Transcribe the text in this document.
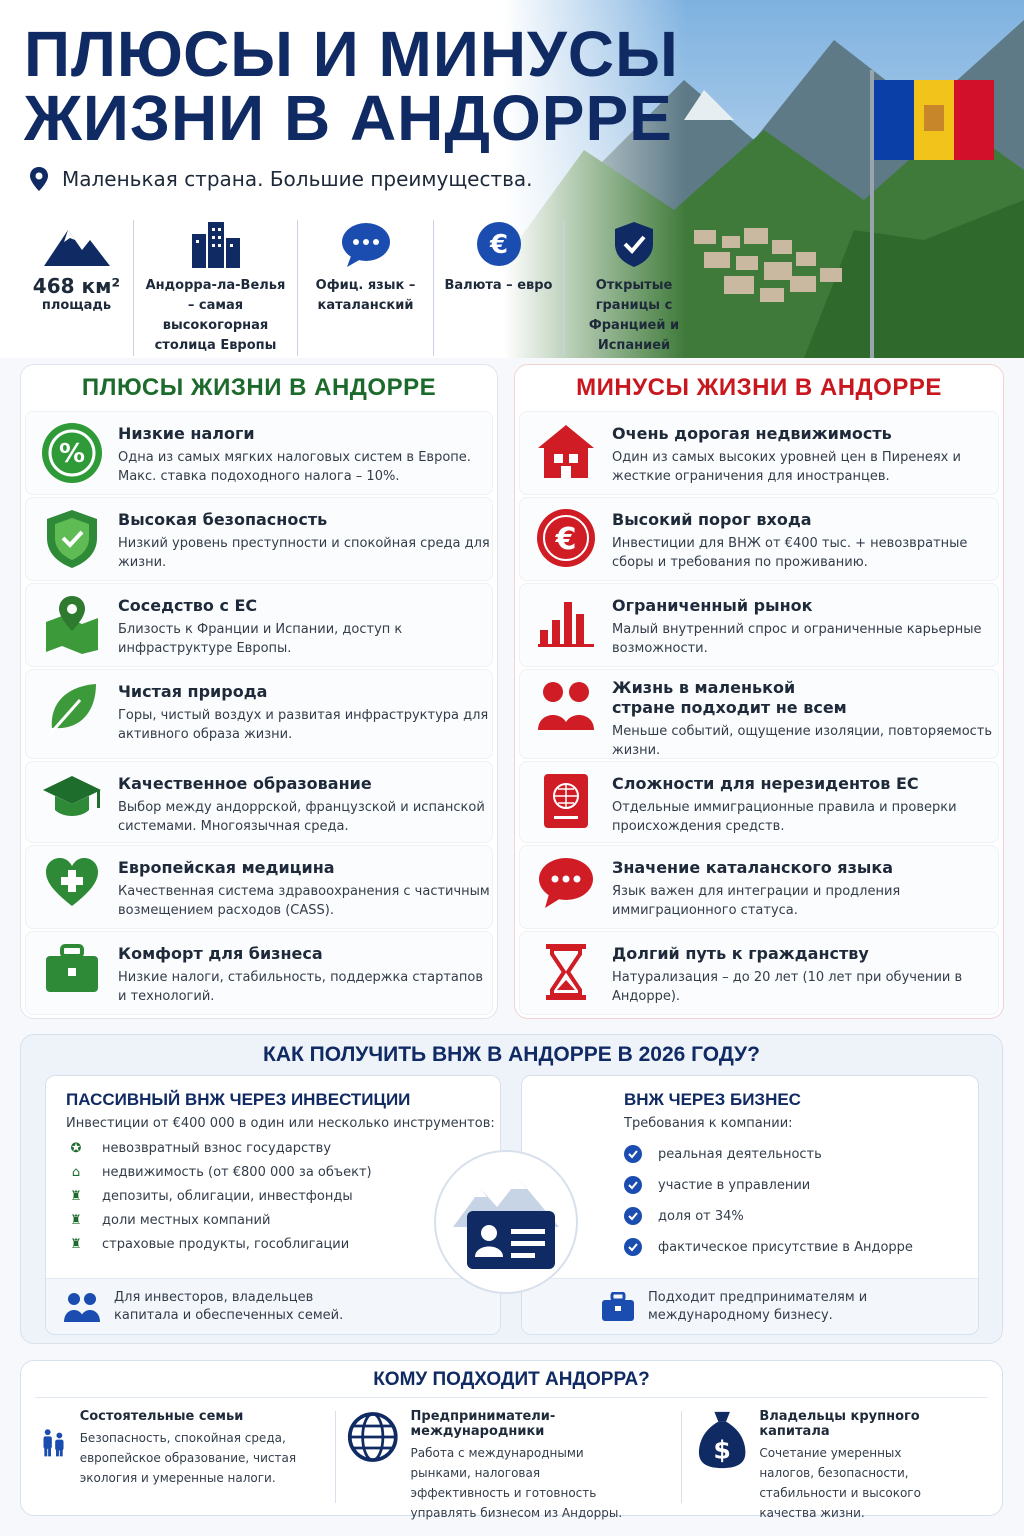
ПЛЮСЫ И МИНУСЫ
ЖИЗНИ В АНДОРРЕ
Маленькая страна. Большие преимущества.
468 км²
площадь
Андорра-ла-Велья – самая высокогорная столица Европы
Офиц. язык – каталанский
€
Валюта – евро	Открытые границы с Францией и Испанией
ПЛЮСЫ ЖИЗНИ В АНДОРРЕ
%
Низкие налоги
Одна из самых мягких налоговых систем в Европе. Макс. ставка подоходного налога – 10%.
Высокая безопасность
Низкий уровень преступности и спокойная среда для жизни.
Соседство с ЕС
Близость к Франции и Испании, доступ к инфраструктуре Европы.
Чистая природа
Горы, чистый воздух и развитая инфраструктура для активного образа жизни.
Качественное образование
Выбор между андоррской, французской и испанской системами. Многоязычная среда.
Европейская медицина
Качественная система здравоохранения с частичным возмещением расходов (CASS).
Комфорт для бизнеса
Низкие налоги, стабильность, поддержка стартапов и технологий.
МИНУСЫ ЖИЗНИ В АНДОРРЕ
Очень дорогая недвижимость
Один из самых высоких уровней цен в Пиренеях и жесткие ограничения для иностранцев.
€
Высокий порог входа
Инвестиции для ВНЖ от €400 тыс. + невозвратные сборы и требования по проживанию.
Ограниченный рынок
Малый внутренний спрос и ограниченные карьерные возможности.
Жизнь в маленькой стране подходит не всем
Меньше событий, ощущение изоляции, повторяемость жизни.
Сложности для нерезидентов ЕС
Отдельные иммиграционные правила и проверки происхождения средств.
Значение каталанского языка
Язык важен для интеграции и продления иммиграционного статуса.
Долгий путь к гражданству
Натурализация – до 20 лет (10 лет при обучении в Андорре).
КАК ПОЛУЧИТЬ ВНЖ В АНДОРРЕ В 2026 ГОДУ?
ПАССИВНЫЙ ВНЖ ЧЕРЕЗ ИНВЕСТИЦИИ
Инвестиции от €400 000 в один или несколько инструментов:
✪	невозвратный взнос государству
⌂	недвижимость (от €800 000 за объект)
♜	депозиты, облигации, инвестфонды
♜	доли местных компаний
♜	страховые продукты, гособлигации
Для инвесторов, владельцев капитала и обеспеченных семей.
ВНЖ ЧЕРЕЗ БИЗНЕС
Требования к компании:
реальная деятельность
участие в управлении
доля от 34%
фактическое присутствие в Андорре
Подходит предпринимателям и международному бизнесу.
КОМУ ПОДХОДИТ АНДОРРА?
Состоятельные семьи
Безопасность, спокойная среда, европейское образование, чистая экология и умеренные налоги.
Предприниматели-международники
Работа с международными рынками, налоговая эффективность и готовность управлять бизнесом из Андорры.
$
Владельцы крупного капитала
Сочетание умеренных налогов, безопасности, стабильности и высокого качества жизни.
